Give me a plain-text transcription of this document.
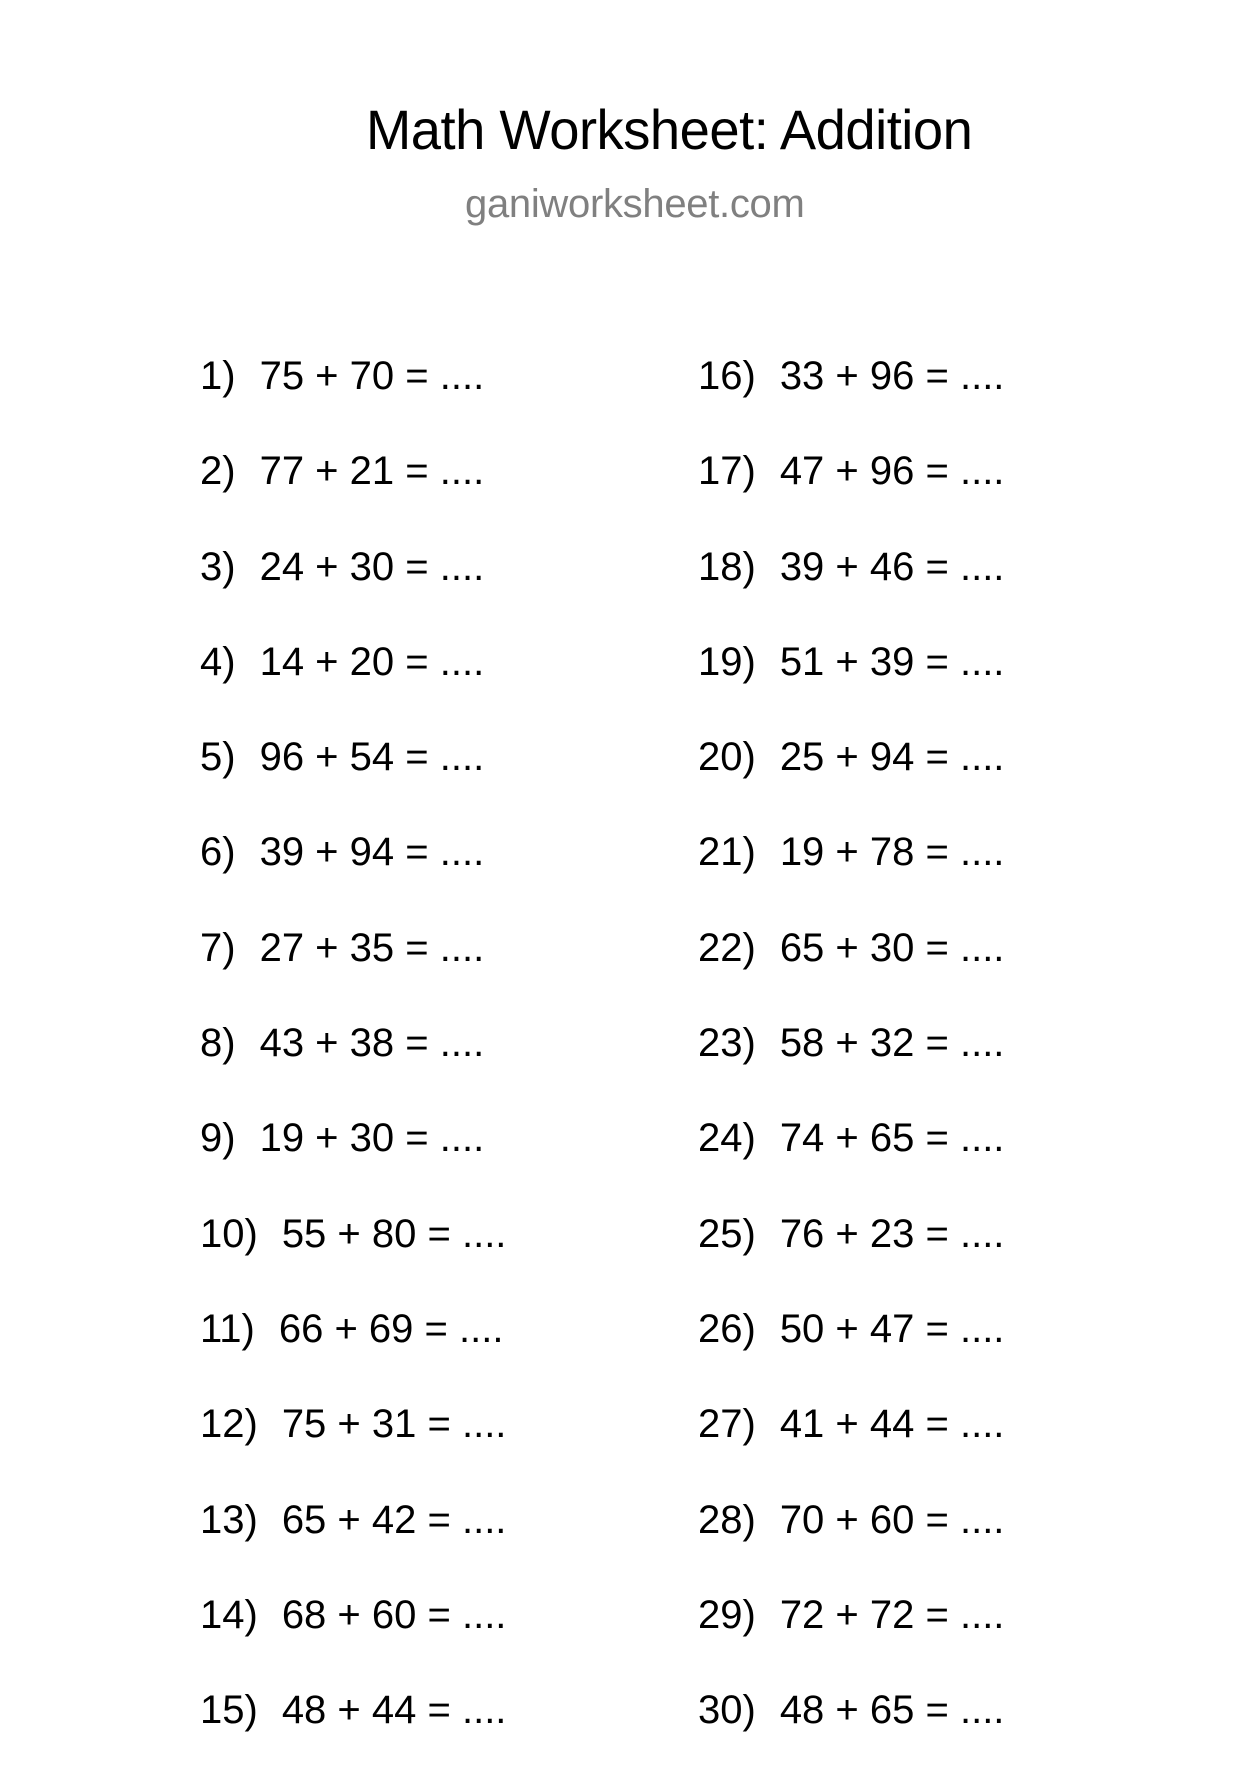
Math Worksheet: Addition
ganiworksheet.com
1) 75 + 70 = ....
2) 77 + 21 = ....
3) 24 + 30 = ....
4) 14 + 20 = ....
5) 96 + 54 = ....
6) 39 + 94 = ....
7) 27 + 35 = ....
8) 43 + 38 = ....
9) 19 + 30 = ....
10) 55 + 80 = ....
11) 66 + 69 = ....
12) 75 + 31 = ....
13) 65 + 42 = ....
14) 68 + 60 = ....
15) 48 + 44 = ....
16) 33 + 96 = ....
17) 47 + 96 = ....
18) 39 + 46 = ....
19) 51 + 39 = ....
20) 25 + 94 = ....
21) 19 + 78 = ....
22) 65 + 30 = ....
23) 58 + 32 = ....
24) 74 + 65 = ....
25) 76 + 23 = ....
26) 50 + 47 = ....
27) 41 + 44 = ....
28) 70 + 60 = ....
29) 72 + 72 = ....
30) 48 + 65 = ....
